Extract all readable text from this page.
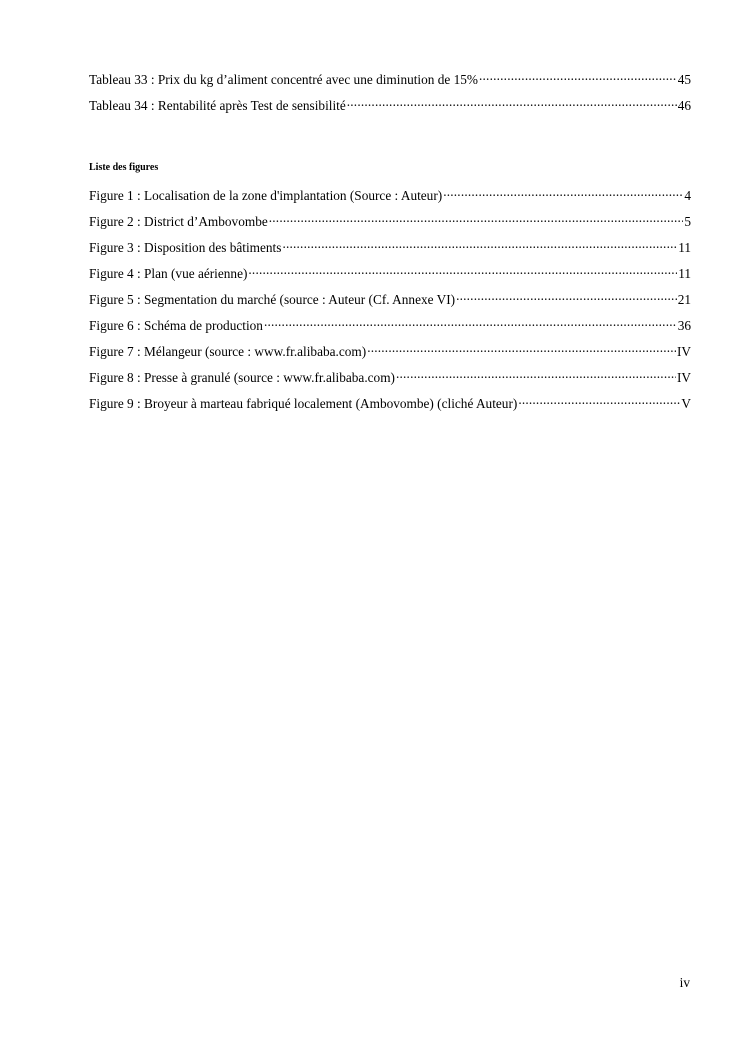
Tableau 33 : Prix du kg d’aliment concentré avec une diminution de 15% .....	45
Tableau 34 : Rentabilité après Test de sensibilité .....	46
Liste des figures
Figure 1 : Localisation de la zone d'implantation (Source : Auteur) .....	4
Figure 2 : District d’Ambovombe .....	5
Figure 3 : Disposition des bâtiments .....	11
Figure 4 : Plan (vue aérienne) .....	11
Figure 5 : Segmentation du marché (source : Auteur (Cf. Annexe VI) .....	21
Figure 6 : Schéma de production .....	36
Figure 7 : Mélangeur (source : www.fr.alibaba.com) .....	IV
Figure 8 : Presse à granulé (source : www.fr.alibaba.com) .....	IV
Figure 9 : Broyeur à marteau fabriqué localement (Ambovombe) (cliché Auteur) .....	V
iv
